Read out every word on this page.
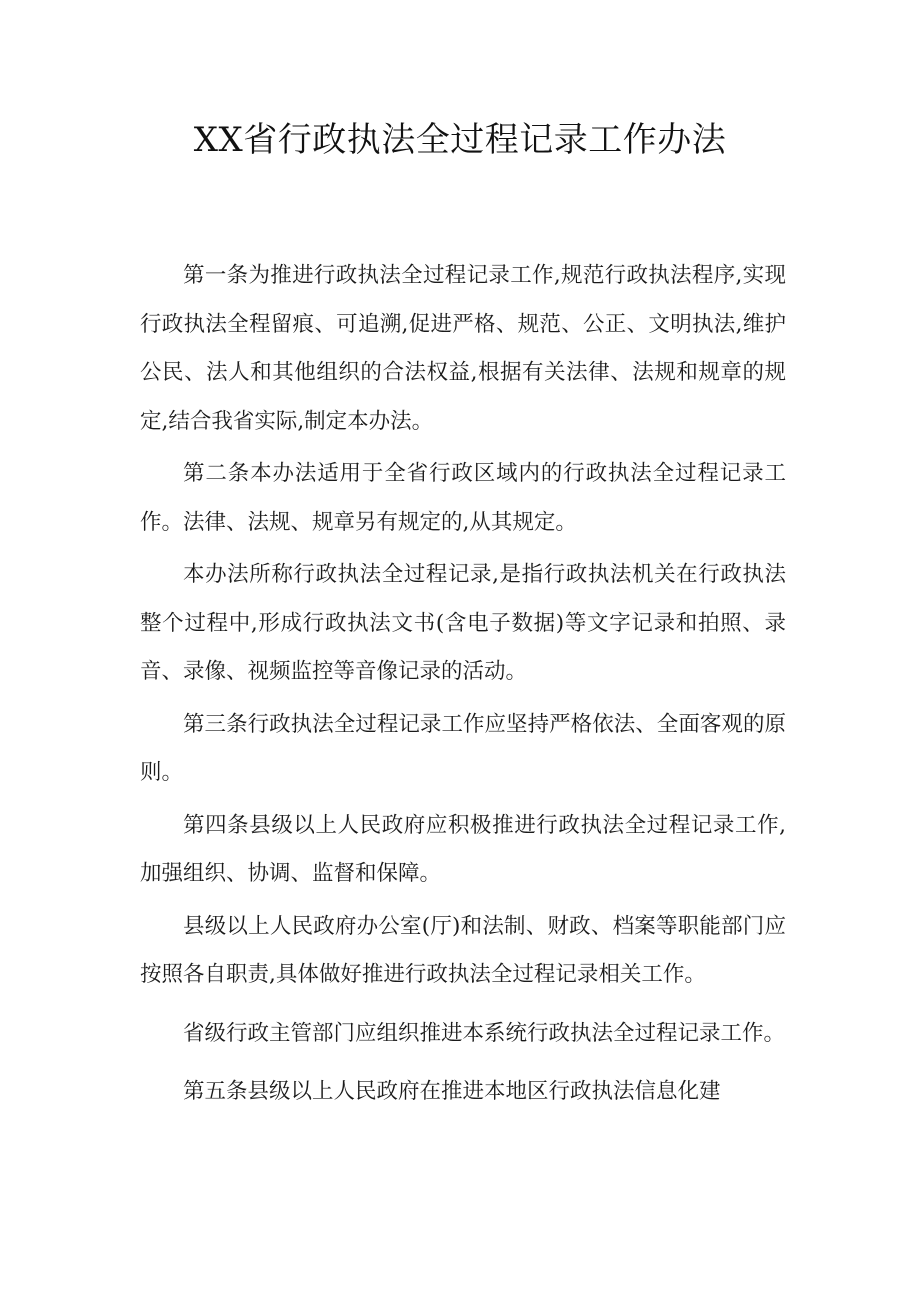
XX省行政执法全过程记录工作办法

第一条为推进行政执法全过程记录工作,规范行政执法程序,实现行政执法全程留痕、可追溯,促进严格、规范、公正、文明执法,维护公民、法人和其他组织的合法权益,根据有关法律、法规和规章的规定,结合我省实际,制定本办法。

第二条本办法适用于全省行政区域内的行政执法全过程记录工作。法律、法规、规章另有规定的,从其规定。

本办法所称行政执法全过程记录,是指行政执法机关在行政执法整个过程中,形成行政执法文书(含电子数据)等文字记录和拍照、录音、录像、视频监控等音像记录的活动。

第三条行政执法全过程记录工作应坚持严格依法、全面客观的原则。

第四条县级以上人民政府应积极推进行政执法全过程记录工作,加强组织、协调、监督和保障。

县级以上人民政府办公室(厅)和法制、财政、档案等职能部门应按照各自职责,具体做好推进行政执法全过程记录相关工作。

省级行政主管部门应组织推进本系统行政执法全过程记录工作。

第五条县级以上人民政府在推进本地区行政执法信息化建
